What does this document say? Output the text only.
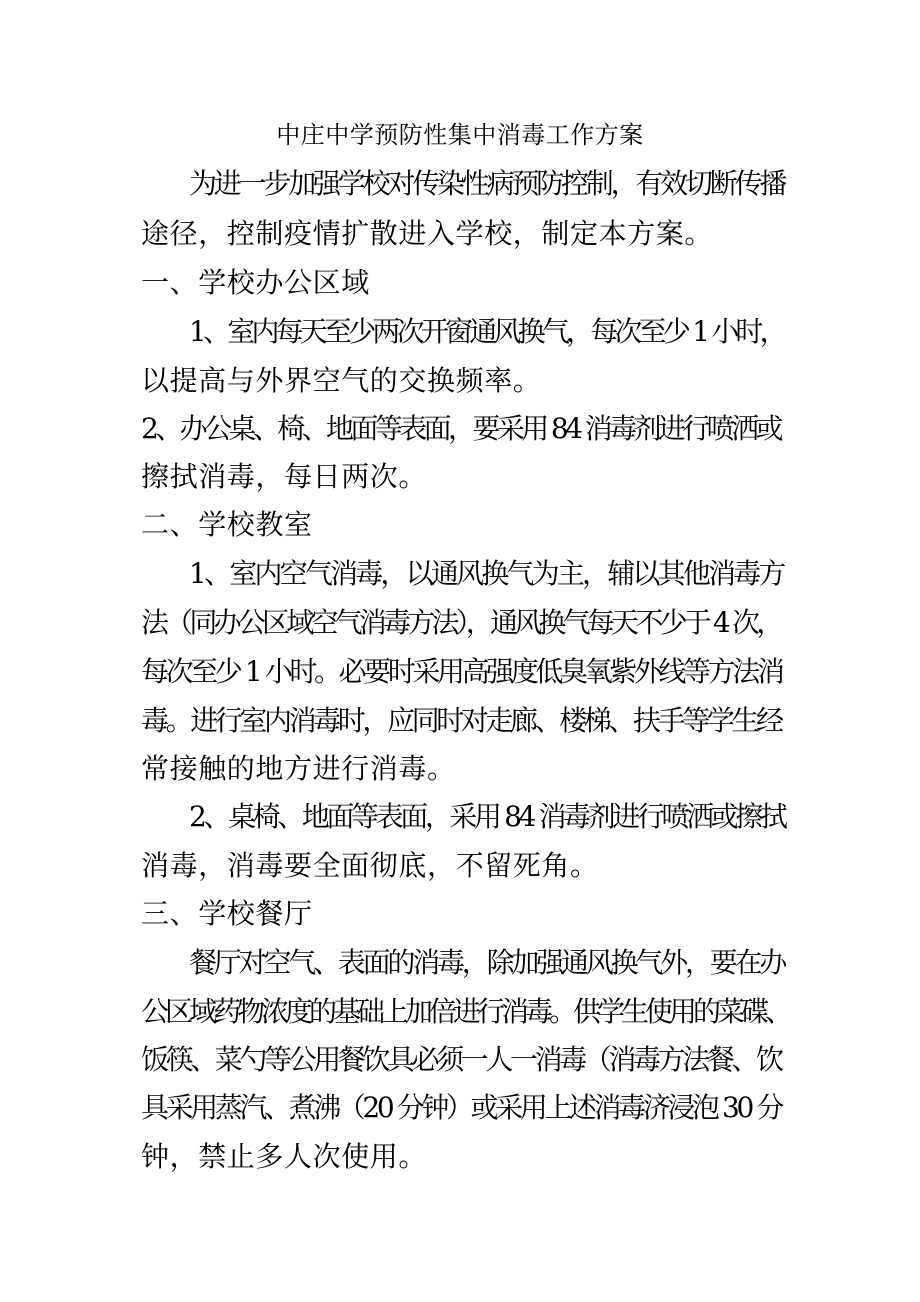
中庄中学预防性集中消毒工作方案
为进一步加强学校对传染性病预防控制，有效切断传播
途径，控制疫情扩散进入学校，制定本方案。
一、学校办公区域
1、室内每天至少两次开窗通风换气，每次至少 1 小时，
以提高与外界空气的交换频率。
2、办公桌、椅、地面等表面，要采用 84 消毒剂进行喷洒或
擦拭消毒，每日两次。
二、学校教室
1、室内空气消毒，以通风换气为主，辅以其他消毒方
法（同办公区域空气消毒方法），通风换气每天不少于 4 次，
每次至少 1 小时。必要时采用高强度低臭氧紫外线等方法消
毒。进行室内消毒时，应同时对走廊、楼梯、扶手等学生经
常接触的地方进行消毒。
2、桌椅、地面等表面，采用 84 消毒剂进行喷洒或擦拭
消毒，消毒要全面彻底，不留死角。
三、学校餐厅
餐厅对空气、表面的消毒，除加强通风换气外，要在办
公区域药物浓度的基础上加倍进行消毒。供学生使用的菜碟、
饭筷、菜勺等公用餐饮具必须一人一消毒（消毒方法餐、饮
具采用蒸汽、煮沸（20 分钟）或采用上述消毒济浸泡 30 分
钟，禁止多人次使用。
